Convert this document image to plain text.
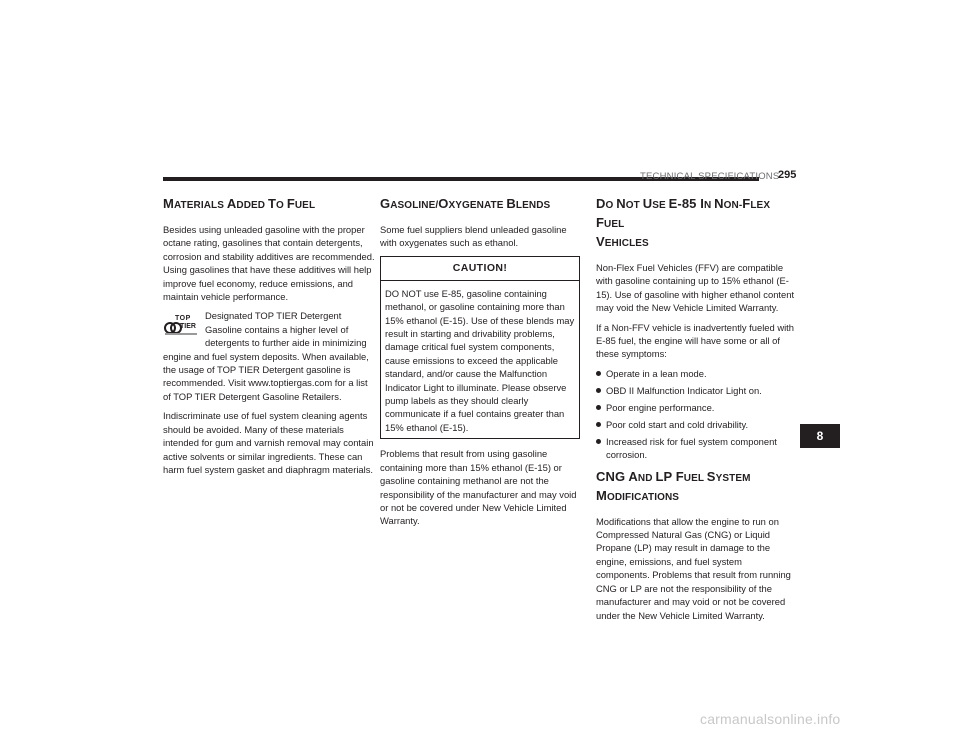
TECHNICAL SPECIFICATIONS
295
MATERIALS ADDED TO FUEL

Besides using unleaded gasoline with the proper octane rating, gasolines that contain detergents, corrosion and stability additives are recommended. Using gasolines that have these additives will help improve fuel economy, reduce emissions, and maintain vehicle performance.

TOP
TIER

Designated TOP TIER Detergent Gasoline contains a higher level of detergents to further aide in minimizing engine and fuel system deposits. When available, the usage of TOP TIER Detergent gasoline is recommended. Visit www.toptiergas.com for a list of TOP TIER Detergent Gasoline Retailers.

Indiscriminate use of fuel system cleaning agents should be avoided. Many of these materials intended for gum and varnish removal may contain active solvents or similar ingredients. These can harm fuel system gasket and diaphragm materials.

GASOLINE/OXYGENATE BLENDS

Some fuel suppliers blend unleaded gasoline with oxygenates such as ethanol.

CAUTION!
DO NOT use E-85, gasoline containing methanol, or gasoline containing more than 15% ethanol (E-15). Use of these blends may result in starting and drivability problems, damage critical fuel system components, cause emissions to exceed the applicable standard, and/or cause the Malfunction Indicator Light to illuminate. Please observe pump labels as they should clearly communicate if a fuel contains greater than 15% ethanol (E-15).

Problems that result from using gasoline containing more than 15% ethanol (E-15) or gasoline containing methanol are not the responsibility of the manufacturer and may void or not be covered under New Vehicle Limited Warranty.

DO NOT USE E-85 IN NON-FLEX FUEL
VEHICLES

Non-Flex Fuel Vehicles (FFV) are compatible with gasoline containing up to 15% ethanol (E-15). Use of gasoline with higher ethanol content may void the New Vehicle Limited Warranty.

If a Non-FFV vehicle is inadvertently fueled with E-85 fuel, the engine will have some or all of these symptoms:

Operate in a lean mode.
OBD II Malfunction Indicator Light on.
Poor engine performance.
Poor cold start and cold drivability.
Increased risk for fuel system component corrosion.
CNG AND LP FUEL SYSTEM
MODIFICATIONS

Modifications that allow the engine to run on Compressed Natural Gas (CNG) or Liquid Propane (LP) may result in damage to the engine, emissions, and fuel system components. Problems that result from running CNG or LP are not the responsibility of the manufacturer and may void or not be covered under the New Vehicle Limited Warranty.

8
carmanualsonline.info
